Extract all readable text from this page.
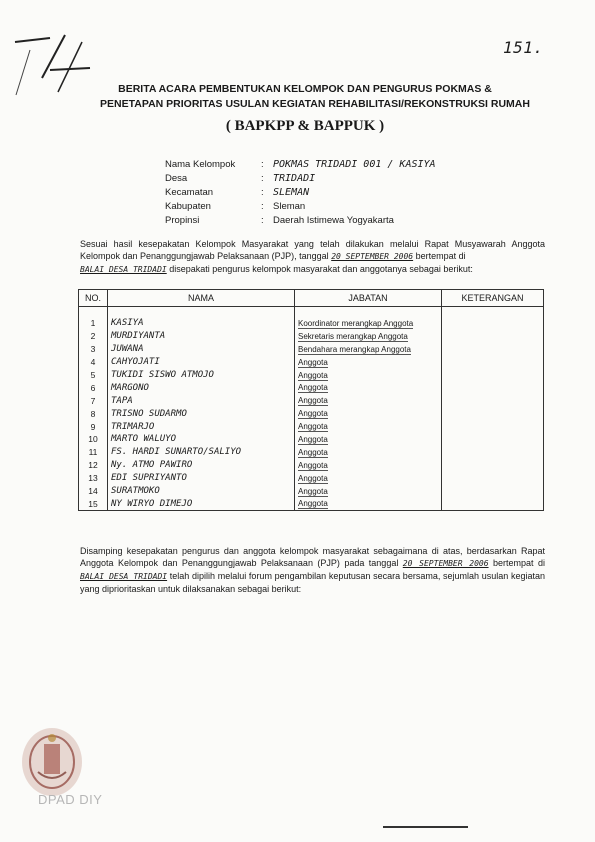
151.
BERITA ACARA PEMBENTUKAN KELOMPOK DAN PENGURUS POKMAS &
PENETAPAN PRIORITAS USULAN KEGIATAN REHABILITASI/REKONSTRUKSI RUMAH
( BAPKPP & BAPPUK )
Nama Kelompok	: POKMAS TRIDADI 001 / KASIYA
Desa	: TRIDADI
Kecamatan	: SLEMAN
Kabupaten	: Sleman
Propinsi	: Daerah Istimewa Yogyakarta
Sesuai hasil kesepakatan Kelompok Masyarakat yang telah dilakukan melalui Rapat Musyawarah Anggota Kelompok dan Penanggungjawab Pelaksanaan (PJP), tanggal 20 SEPTEMBER 2006 bertempat di
BALAI DESA TRIDADI disepakati pengurus kelompok masyarakat dan anggotanya sebagai berikut:
NO.	NAMA	JABATAN	KETERANGAN

1	KASIYA	Koordinator merangkap Anggota	
2	MURDIYANTA	Sekretaris merangkap Anggota	
3	JUWANA	Bendahara merangkap Anggota	
4	CAHYOJATI	Anggota	
5	TUKIDI SISWO ATMOJO	Anggota	
6	MARGONO	Anggota	
7	TAPA	Anggota	
8	TRISNO SUDARMO	Anggota	
9	TRIMARJO	Anggota	
10	MARTO WALUYO	Anggota	
11	FS. HARDI SUNARTO/SALIYO	Anggota	
12	Ny. ATMO PAWIRO	Anggota	
13	EDI SUPRIYANTO	Anggota	
14	SURATMOKO	Anggota	
15	NY WIRYO DIMEJO	Anggota	
Disamping kesepakatan pengurus dan anggota kelompok masyarakat sebagaimana di atas, berdasarkan Rapat Anggota Kelompok dan Penanggungjawab Pelaksanaan (PJP) pada tanggal 20 SEPTEMBER 2006 bertempat di BALAI DESA TRIDADI telah dipilih melalui forum pengambilan keputusan secara bersama, sejumlah usulan kegiatan yang diprioritaskan untuk dilaksanakan sebagai berikut:
DPAD DIY
